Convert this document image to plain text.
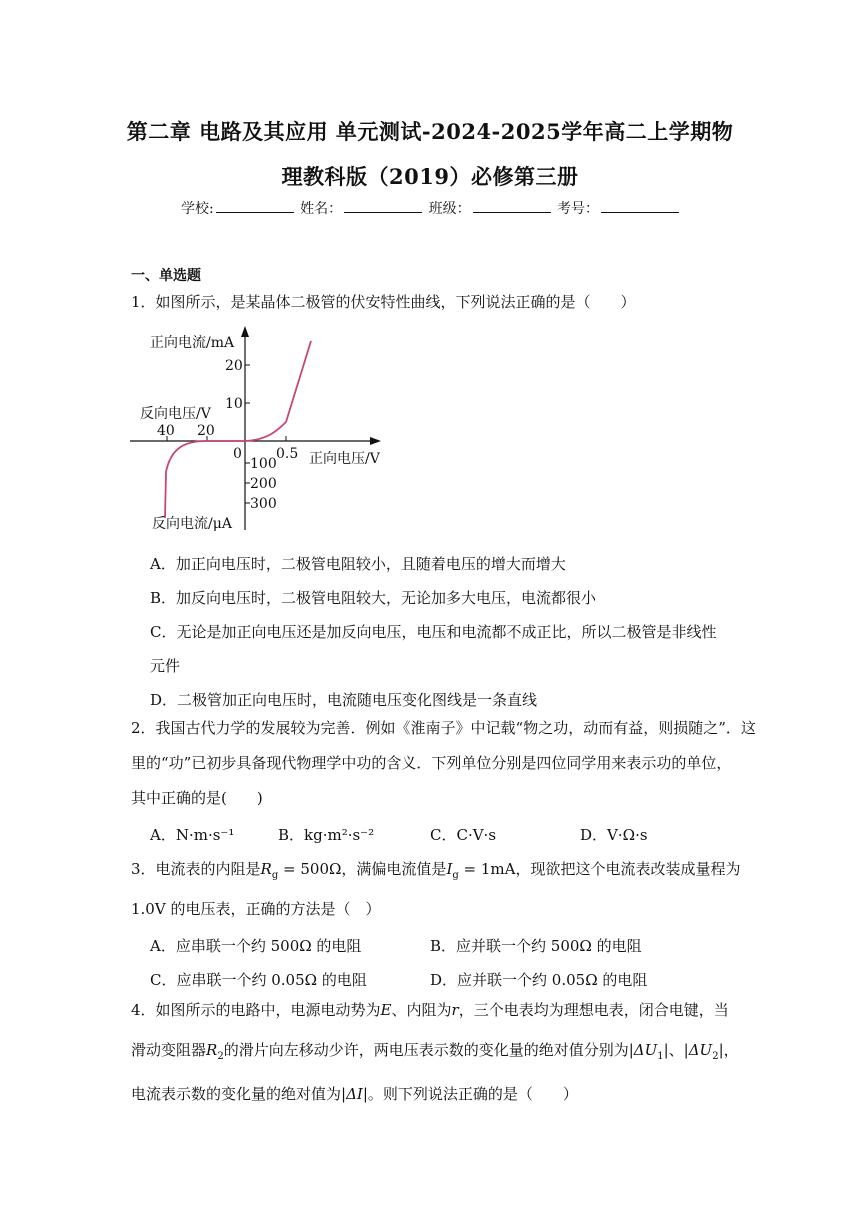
第二章 电路及其应用 单元测试-2024-2025学年高二上学期物
理教科版（2019）必修第三册
学校:	姓名：	班级：	考号：
一、单选题
1．如图所示，是某晶体二极管的伏安特性曲线，下列说法正确的是（　　）
正向电流/mA
20
10
反向电压/V
40 20
0 0.5 正向电压/V
100
200
300
反向电流/μA
A．加正向电压时，二极管电阻较小，且随着电压的增大而增大
B．加反向电压时，二极管电阻较大，无论加多大电压，电流都很小
C．无论是加正向电压还是加反向电压，电压和电流都不成正比，所以二极管是非线性
元件
D．二极管加正向电压时，电流随电压变化图线是一条直线
2．我国古代力学的发展较为完善．例如《淮南子》中记载“物之功，动而有益，则损随之”．这
里的“功”已初步具备现代物理学中功的含义．下列单位分别是四位同学用来表示功的单位，
其中正确的是(　　)
A．N·m·s⁻¹	B．kg·m²·s⁻²	C．C·V·s	D．V·Ω·s
3．电流表的内阻是$R_g = 500\Omega$，满偏电流值是$I_g = 1mA$，现欲把这个电流表改装成量程为
1.0V 的电压表，正确的方法是（　）
A．应串联一个约 500Ω 的电阻	B．应并联一个约 500Ω 的电阻
C．应串联一个约 0.05Ω 的电阻	D．应并联一个约 0.05Ω 的电阻
4．如图所示的电路中，电源电动势为E、内阻为r，三个电表均为理想电表，闭合电键，当
滑动变阻器$R_2$的滑片向左移动少许，两电压表示数的变化量的绝对值分别为$|\Delta U_1|$、$|\Delta U_2|$，
电流表示数的变化量的绝对值为|ΔI|。则下列说法正确的是（　　）
